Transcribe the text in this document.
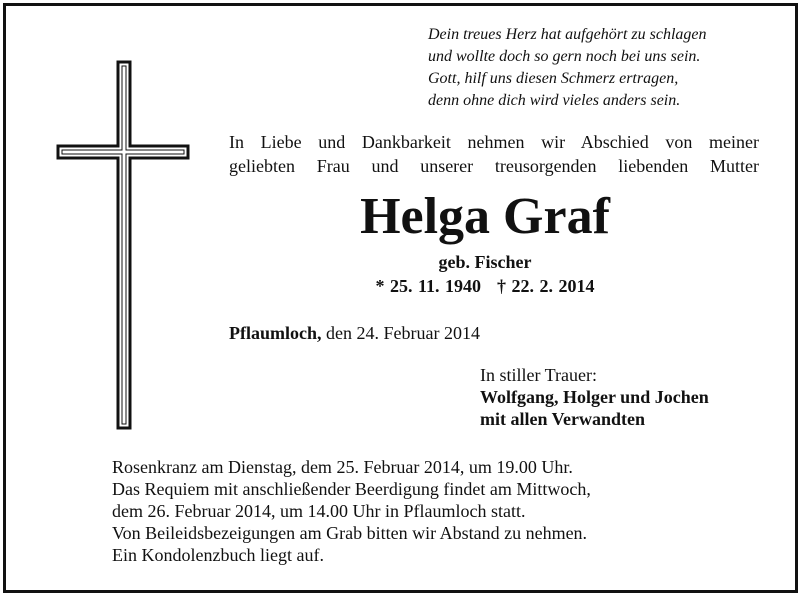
Dein treues Herz hat aufgehört zu schlagen
und wollte doch so gern noch bei uns sein.
Gott, hilf uns diesen Schmerz ertragen,
denn ohne dich wird vieles anders sein.
In Liebe und Dankbarkeit nehmen wir Abschied von meiner
geliebten Frau und unserer treusorgenden liebenden Mutter
Helga Graf
geb. Fischer
* 25. 11. 1940 † 22. 2. 2014
Pflaumloch, den 24. Februar 2014
In stiller Trauer:
Wolfgang, Holger und Jochen
mit allen Verwandten
Rosenkranz am Dienstag, dem 25. Februar 2014, um 19.00 Uhr.
Das Requiem mit anschließender Beerdigung findet am Mittwoch,
dem 26. Februar 2014, um 14.00 Uhr in Pflaumloch statt.
Von Beileidsbezeigungen am Grab bitten wir Abstand zu nehmen.
Ein Kondolenzbuch liegt auf.
